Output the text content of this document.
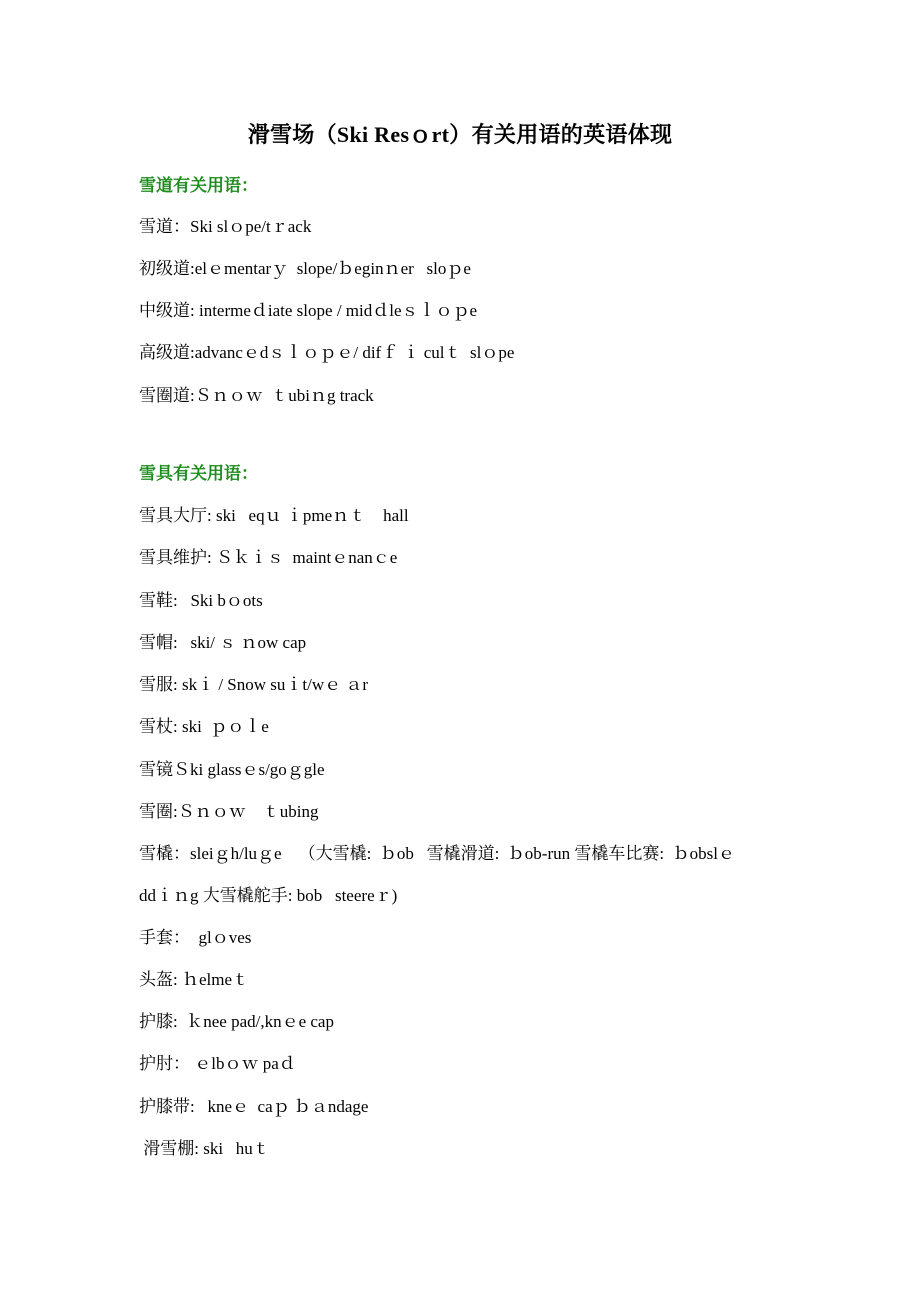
滑雪场（Ski Resｏrt）有关用语的英语体现
雪道有关用语：
雪道：Ski slｏpe/tｒack
初级道:elｅmentarｙ  slope/ｂeginｎer   sloｐe
中级道: intermeｄiate slope / midｄleｓｌｏｐe
高级道:advancｅdｓｌｏｐｅ/ difｆ ｉ culｔ  slｏpe
雪圈道:Ｓｎｏｗ  ｔubiｎg track
雪具有关用语：
雪具大厅: ski   eqｕ ｉpmeｎｔ    hall
雪具维护: Ｓｋｉｓ  maintｅnanｃe
雪鞋:   Ski bｏots
雪帽:   ski/ ｓ ｎow cap
雪服: skｉ / Snow suｉt/wｅ ａr
雪杖: ski  ｐｏｌe
雪镜Ｓki glassｅs/goｇgle
雪圈:Ｓｎｏｗ    ｔubing
雪橇：sleiｇh/luｇe    （大雪橇:  ｂob   雪橇滑道:  ｂob-run 雪橇车比赛:  ｂobslｅ
ddｉｎg 大雪橇舵手: bob   steereｒ)
手套：  glｏves
头盔: ｈelmeｔ
护膝:  ｋnee pad/,knｅe cap
护肘： ｅlbｏｗ paｄ
护膝带:   kneｅ  caｐ ｂａndage
滑雪棚: ski   huｔ
